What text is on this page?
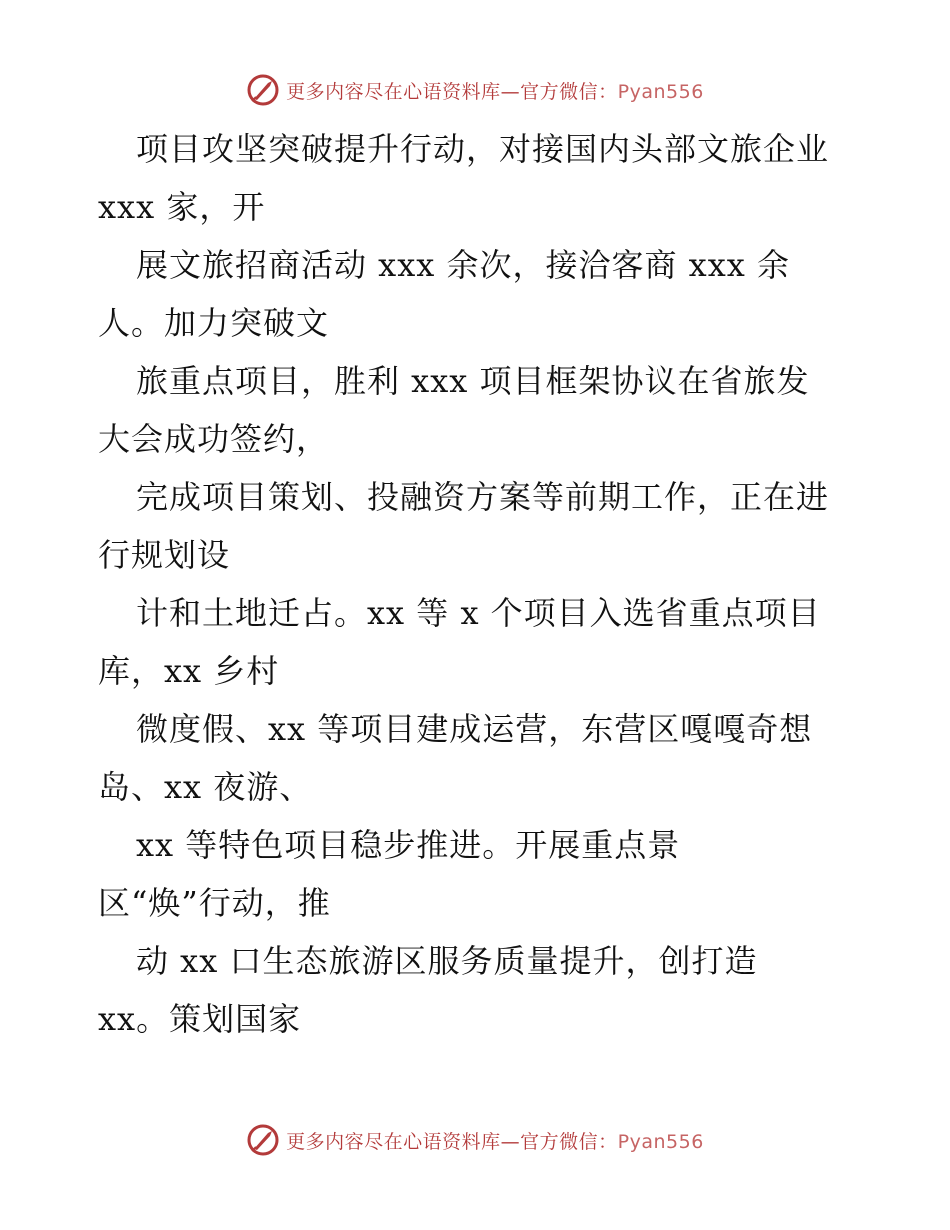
更多内容尽在心语资料库—官方微信：Pyan556
项目攻坚突破提升行动，对接国内头部文旅企业
xxx 家，开
展文旅招商活动 xxx 余次，接洽客商 xxx 余
人。加力突破文
旅重点项目，胜利 xxx 项目框架协议在省旅发
大会成功签约，
完成项目策划、投融资方案等前期工作，正在进
行规划设
计和土地迁占。xx 等 x 个项目入选省重点项目
库，xx 乡村
微度假、xx 等项目建成运营，东营区嘎嘎奇想
岛、xx 夜游、
xx 等特色项目稳步推进。开展重点景
区“焕”行动，推
动 xx 口生态旅游区服务质量提升，创打造
xx。策划国家
更多内容尽在心语资料库—官方微信：Pyan556
